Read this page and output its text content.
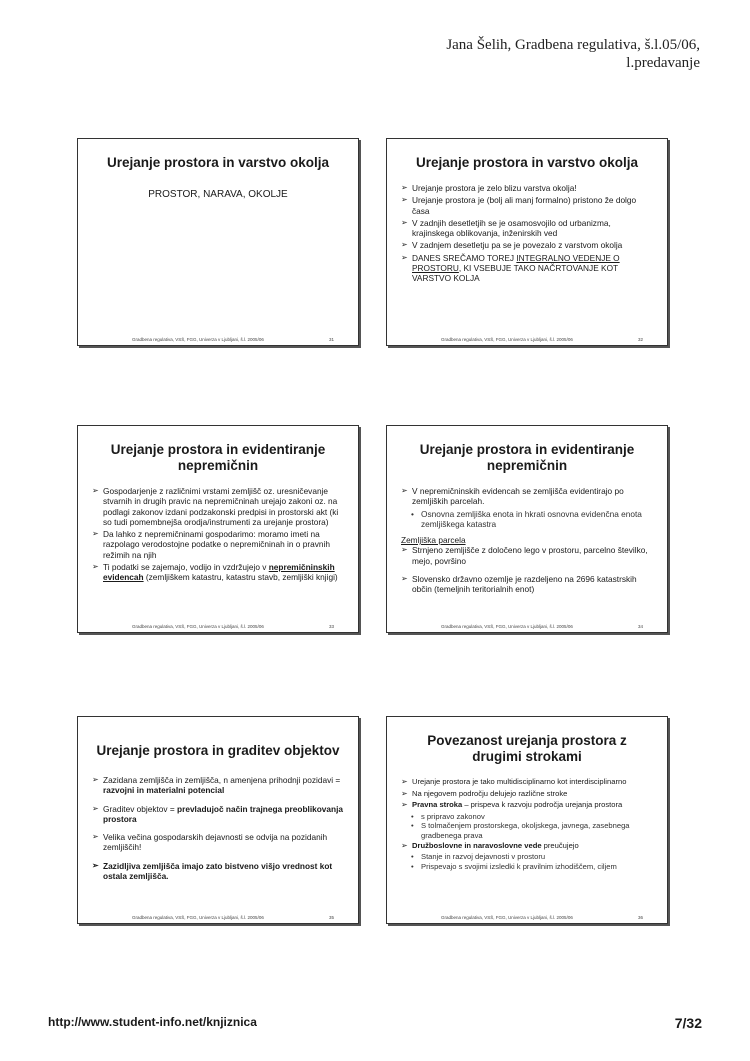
Jana Šelih, Gradbena regulativa, š.l.05/06,
l.predavanje
Urejanje prostora in varstvo okolja
PROSTOR, NARAVA, OKOLJE
Gradbena regulativa, VSŠ, FGG, Univerza v Ljubljani, š.l. 2005/06	31
Urejanje prostora in varstvo okolja
➢ Urejanje prostora je zelo blizu varstva okolja!
➢ Urejanje prostora je (bolj ali manj formalno) pristono že dolgo časa
➢ V zadnjih desetletjih se je osamosvojilo od urbanizma, krajinskega oblikovanja, inženirskih ved
➢ V zadnjem desetletju pa se je povezalo z varstvom okolja
➢ DANES SREČAMO TOREJ INTEGRALNO VEDENJE O PROSTORU, KI VSEBUJE TAKO NAČRTOVANJE KOT VARSTVO KOLJA
Gradbena regulativa, VSŠ, FGG, Univerza v Ljubljani, š.l. 2005/06	32
Urejanje prostora in evidentiranje nepremičnin
➢ Gospodarjenje z različnimi vrstami zemljišč oz. uresničevanje stvarnih in drugih pravic na nepremičninah urejajo zakoni oz. na podlagi zakonov izdani podzakonski predpisi in prostorski akt (ki so tudi pomembnejša orodja/instrumenti za urejanje prostora)
➢ Da lahko z nepremičninami gospodarimo: moramo imeti na razpolago verodostojne podatke o nepremičninah in o pravnih režimih na njih
➢ Ti podatki se zajemajo, vodijo in vzdržujejo v nepremičninskih evidencah (zemljiškem katastru, katastru stavb, zemljiški knjigi)
Gradbena regulativa, VSŠ, FGG, Univerza v Ljubljani, š.l. 2005/06	33
Urejanje prostora in evidentiranje nepremičnin
➢ V nepremičninskih evidencah se zemljišča evidentirajo po zemljiških parcelah.
• Osnovna zemljiška enota in hkrati osnovna evidenčna enota zemljiškega katastra
Zemljiška parcela
➢ Strnjeno zemljišče z določeno lego v prostoru, parcelno številko, mejo, površino
➢ Slovensko državno ozemlje je razdeljeno na 2696 katastrskih občin (temeljnih teritorialnih enot)
Gradbena regulativa, VSŠ, FGG, Univerza v Ljubljani, š.l. 2005/06	34
Urejanje prostora in graditev objektov
➢ Zazidana zemljišča in zemljišča, n amenjena prihodnji pozidavi = razvojni in materialni potencial
➢ Graditev objektov = prevladujoč način trajnega preoblikovanja prostora
➢ Velika večina gospodarskih dejavnosti se odvija na pozidanih zemljiščih!
➢ Zazidljiva zemljišča imajo zato bistveno višjo vrednost kot ostala zemljišča.
Gradbena regulativa, VSŠ, FGG, Univerza v Ljubljani, š.l. 2005/06	35
Povezanost urejanja prostora z drugimi strokami
➢ Urejanje prostora je tako multidisciplinarno kot interdisciplinarno
➢ Na njegovem področju delujejo različne stroke
➢ Pravna stroka – prispeva k razvoju področja urejanja prostora
• s pripravo zakonov
• S tolmačenjem prostorskega, okoljskega, javnega, zasebnega gradbenega prava
➢ Družboslovne in naravoslovne vede preučujejo
• Stanje in razvoj dejavnosti v prostoru
• Prispevajo s svojimi izsledki k pravilnim izhodiščem, ciljem
Gradbena regulativa, VSŠ, FGG, Univerza v Ljubljani, š.l. 2005/06	36
http://www.student-info.net/knjiznica	7/32
